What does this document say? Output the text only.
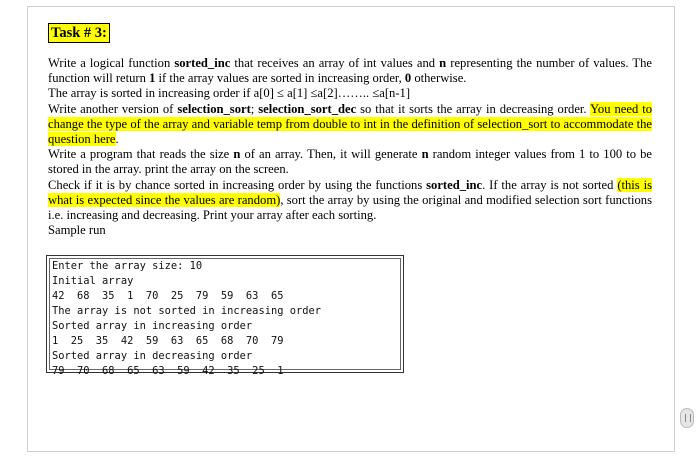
Task # 3:

Write a logical function sorted_inc that receives an array of int values and n representing the number of values. The function will return 1 if the array values are sorted in increasing order, 0 otherwise.

The array is sorted in increasing order if a[0] ≤ a[1] ≤a[2]…….. ≤a[n-1]

Write another version of selection_sort; selection_sort_dec so that it sorts the array in decreasing order. You need to change the type of the array and variable temp from double to int in the definition of selection_sort to accommodate the question here.

Write a program that reads the size n of an array. Then, it will generate n random integer values from 1 to 100 to be stored in the array. print the array on the screen.

Check if it is by chance sorted in increasing order by using the functions sorted_inc. If the array is not sorted (this is what is expected since the values are random), sort the array by using the original and modified selection sort functions i.e. increasing and decreasing. Print your array after each sorting.

Sample run

Enter the array size: 10
Initial array
42  68  35  1  70  25  79  59  63  65
The array is not sorted in increasing order
Sorted array in increasing order
1  25  35  42  59  63  65  68  70  79
Sorted array in decreasing order
79  70  68  65  63  59  42  35  25  1
